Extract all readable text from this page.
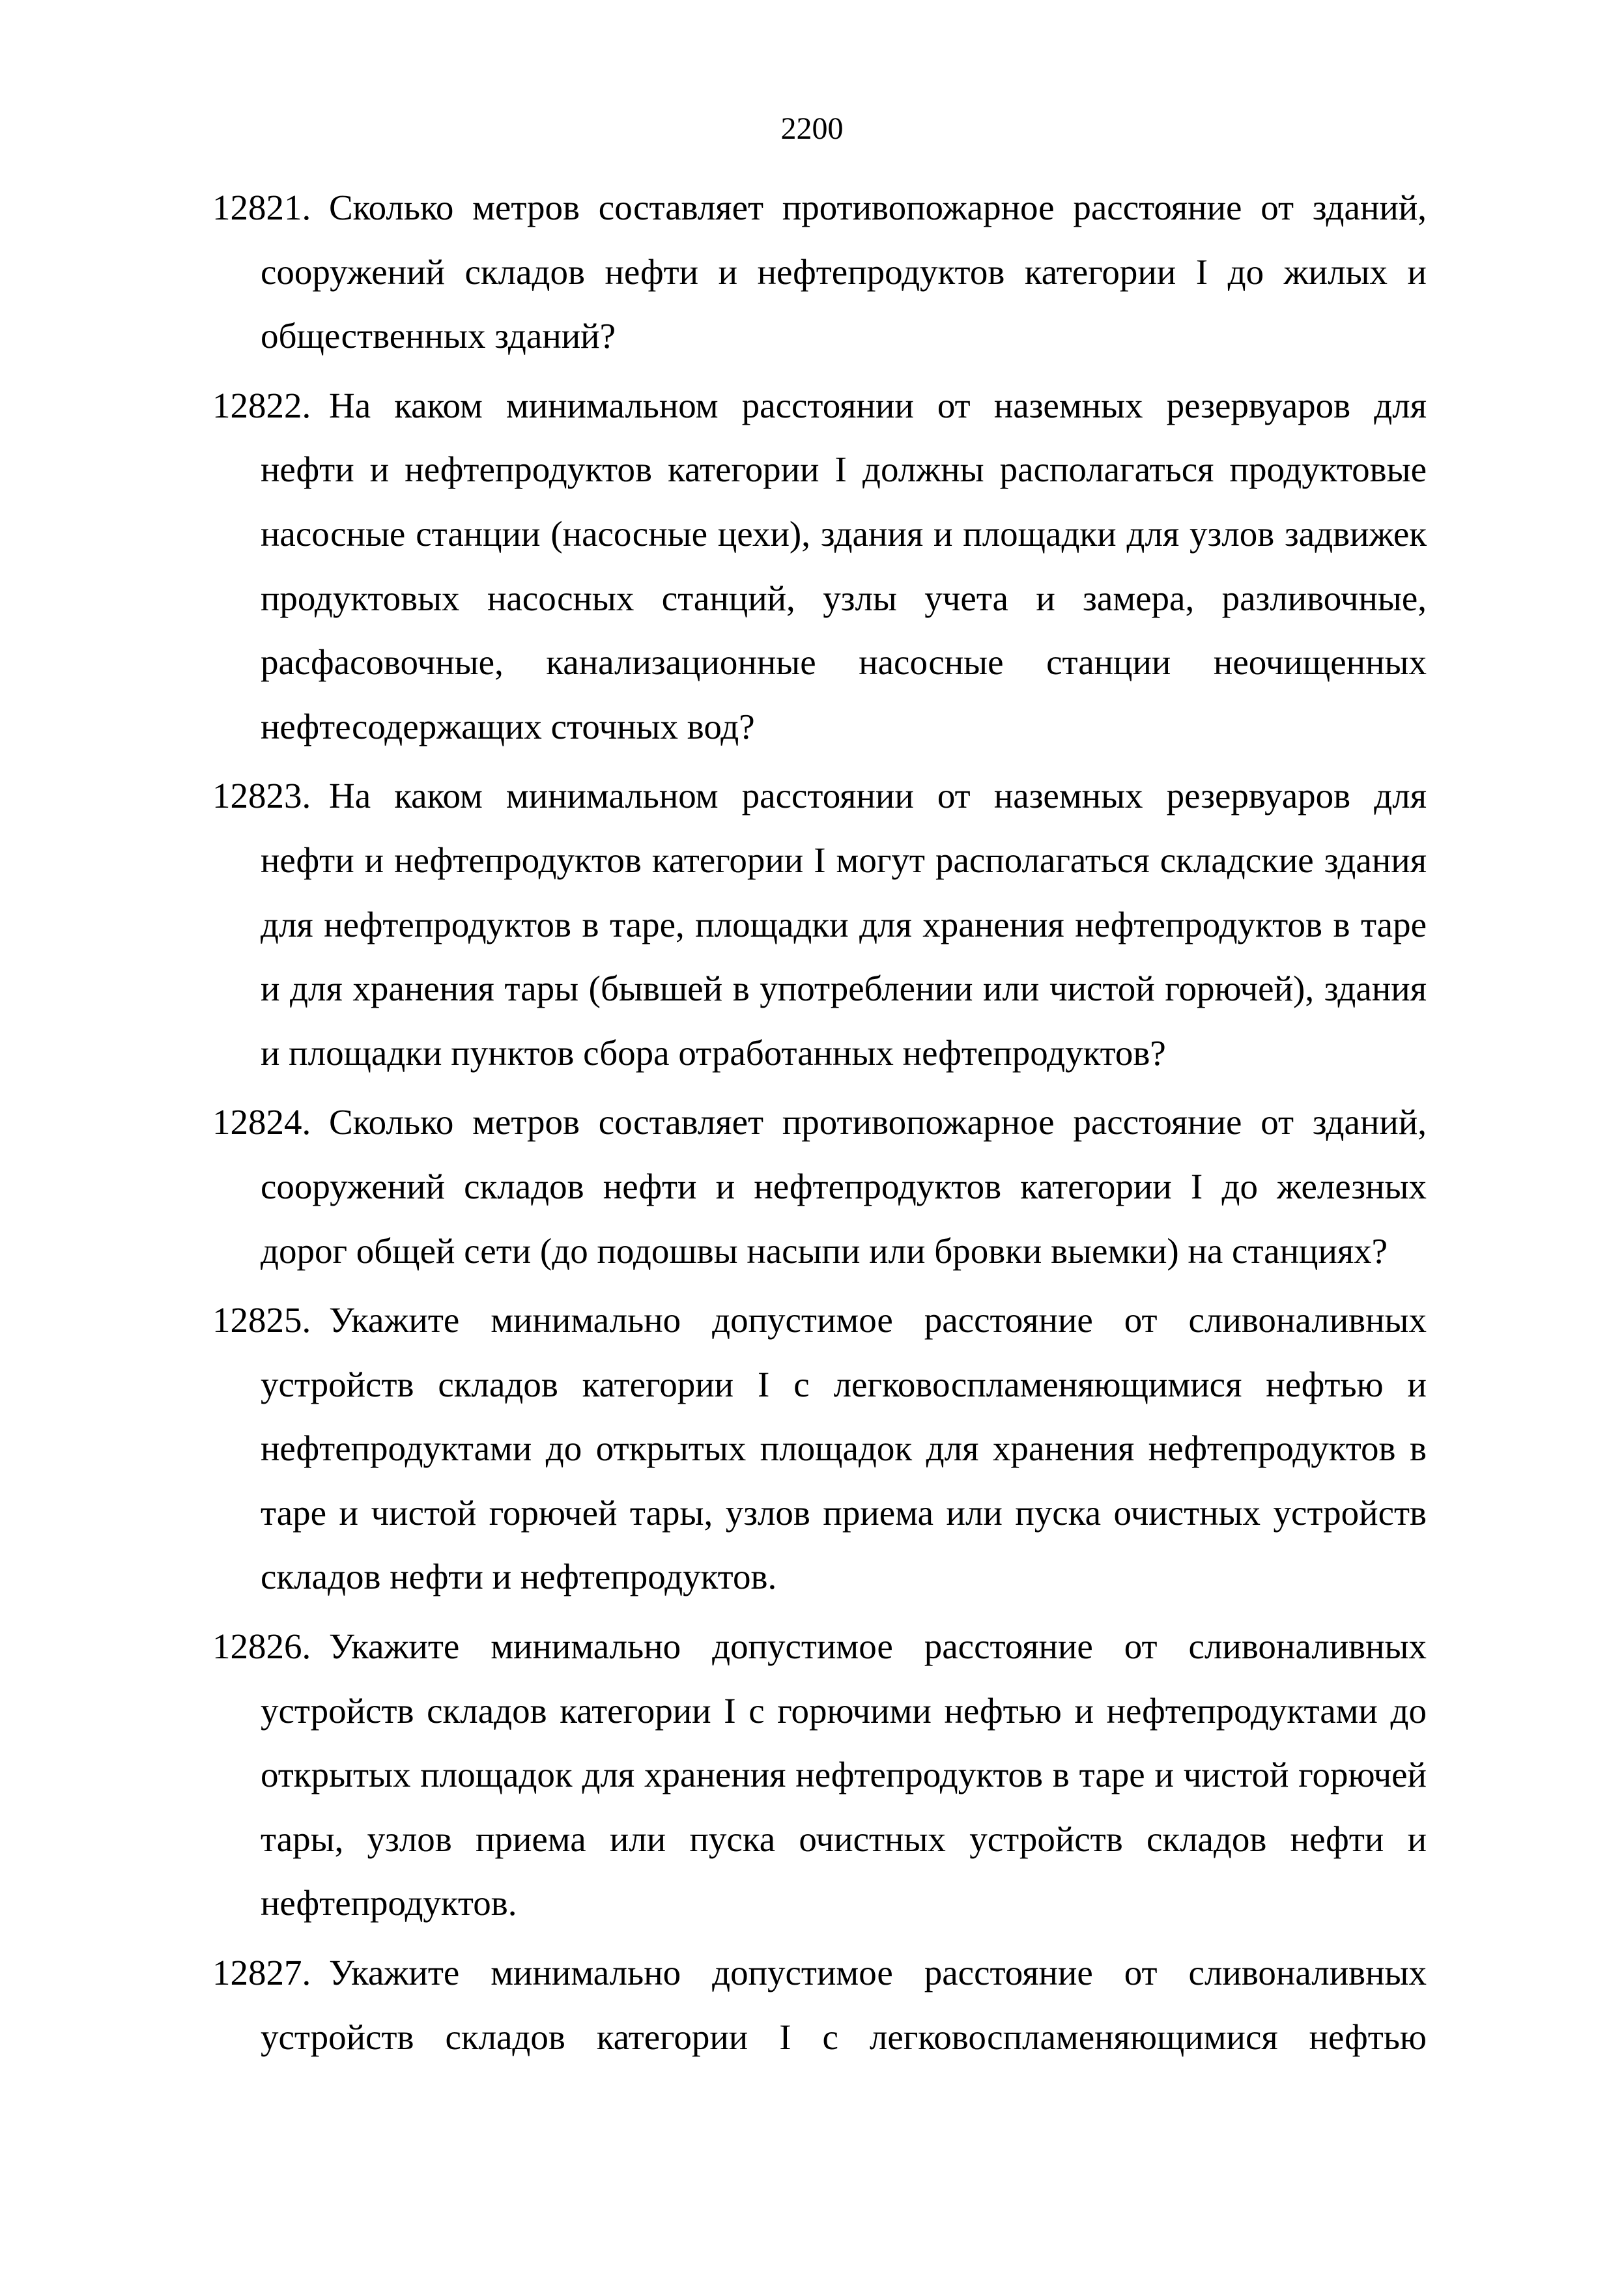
2200

12821. Сколько метров составляет противопожарное расстояние от зданий, сооружений складов нефти и нефтепродуктов категории I до жилых и общественных зданий?
12822. На каком минимальном расстоянии от наземных резервуаров для нефти и нефтепродуктов категории I должны располагаться продуктовые насосные станции (насосные цехи), здания и площадки для узлов задвижек продуктовых насосных станций, узлы учета и замера, разливочные, расфасовочные, канализационные насосные станции неочищенных нефтесодержащих сточных вод?
12823. На каком минимальном расстоянии от наземных резервуаров для нефти и нефтепродуктов категории I могут располагаться складские здания для нефтепродуктов в таре, площадки для хранения нефтепродуктов в таре и для хранения тары (бывшей в употреблении или чистой горючей), здания и площадки пунктов сбора отработанных нефтепродуктов?
12824. Сколько метров составляет противопожарное расстояние от зданий, сооружений складов нефти и нефтепродуктов категории I до железных дорог общей сети (до подошвы насыпи или бровки выемки) на станциях?
12825. Укажите минимально допустимое расстояние от сливоналивных устройств складов категории I с легковоспламеняющимися нефтью и нефтепродуктами до открытых площадок для хранения нефтепродуктов в таре и чистой горючей тары, узлов приема или пуска очистных устройств складов нефти и нефтепродуктов.
12826. Укажите минимально допустимое расстояние от сливоналивных устройств складов категории I с горючими нефтью и нефтепродуктами до открытых площадок для хранения нефтепродуктов в таре и чистой горючей тары, узлов приема или пуска очистных устройств складов нефти и нефтепродуктов.
12827. Укажите минимально допустимое расстояние от сливоналивных устройств складов категории I с легковоспламеняющимися нефтью
